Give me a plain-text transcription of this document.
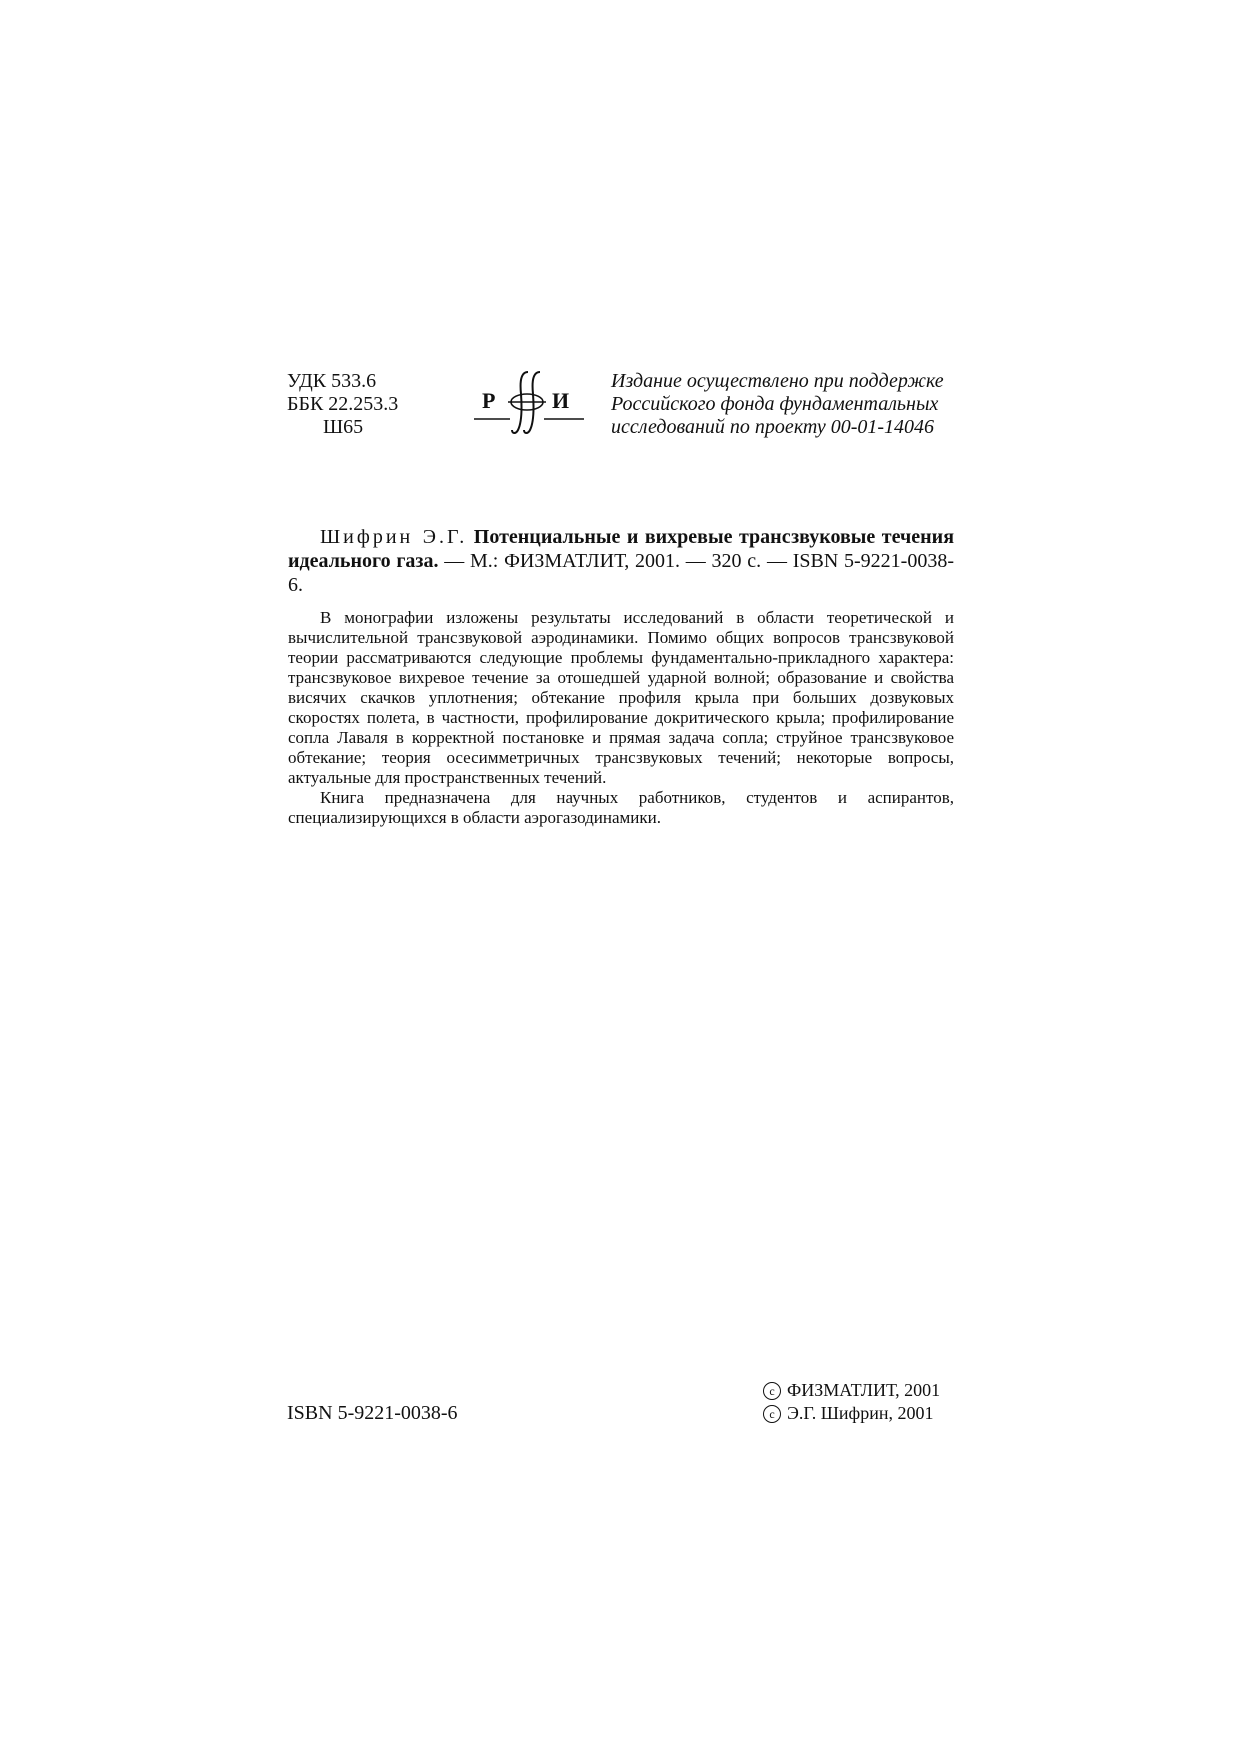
УДК 533.6
ББК 22.253.3
Ш65
Р	И
Издание осуществлено при поддержке
Российского фонда фундаментальных
исследований по проекту 00-01-14046

Шифрин Э.Г. Потенциальные и вихревые трансзвуковые течения идеального газа. — М.: ФИЗМАТЛИТ, 2001. — 320 с. — ISBN 5-9221-0038-6.

В монографии изложены результаты исследований в области теоретической и вычислительной трансзвуковой аэродинамики. Помимо общих вопросов трансзвуковой теории рассматриваются следующие проблемы фундаментально-прикладного характера: трансзвуковое вихревое течение за отошедшей ударной волной; образование и свойства висячих скачков уплотнения; обтекание профиля крыла при больших дозвуковых скоростях полета, в частности, профилирование докритического крыла; профилирование сопла Лаваля в корректной постановке и прямая задача сопла; струйное трансзвуковое обтекание; теория осесимметричных трансзвуковых течений; некоторые вопросы, актуальные для пространственных течений.

Книга предназначена для научных работников, студентов и аспирантов, специализирующихся в области аэрогазодинамики.

ISBN 5-9221-0038-6
c ФИЗМАТЛИТ, 2001
c Э.Г. Шифрин, 2001
